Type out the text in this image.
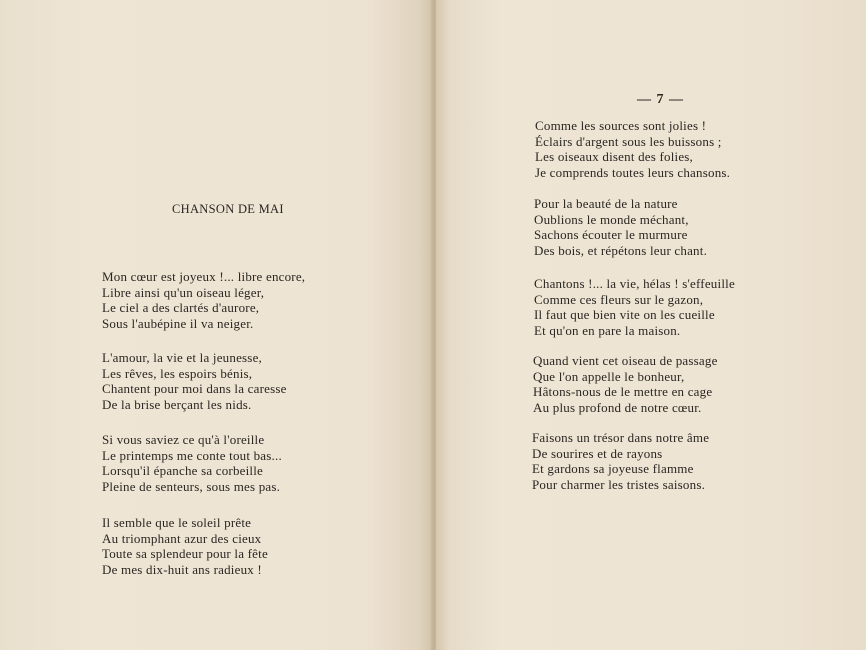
CHANSON DE MAI
Mon cœur est joyeux !... libre encore,
Libre ainsi qu'un oiseau léger,
Le ciel a des clartés d'aurore,
Sous l'aubépine il va neiger.
L'amour, la vie et la jeunesse,
Les rêves, les espoirs bénis,
Chantent pour moi dans la caresse
De la brise berçant les nids.
Si vous saviez ce qu'à l'oreille
Le printemps me conte tout bas...
Lorsqu'il épanche sa corbeille
Pleine de senteurs, sous mes pas.
Il semble que le soleil prête
Au triomphant azur des cieux
Toute sa splendeur pour la fête
De mes dix-huit ans radieux !
— 7 —
Comme les sources sont jolies !
Éclairs d'argent sous les buissons ;
Les oiseaux disent des folies,
Je comprends toutes leurs chansons.
Pour la beauté de la nature
Oublions le monde méchant,
Sachons écouter le murmure
Des bois, et répétons leur chant.
Chantons !... la vie, hélas ! s'effeuille
Comme ces fleurs sur le gazon,
Il faut que bien vite on les cueille
Et qu'on en pare la maison.
Quand vient cet oiseau de passage
Que l'on appelle le bonheur,
Hâtons-nous de le mettre en cage
Au plus profond de notre cœur.
Faisons un trésor dans notre âme
De sourires et de rayons
Et gardons sa joyeuse flamme
Pour charmer les tristes saisons.
